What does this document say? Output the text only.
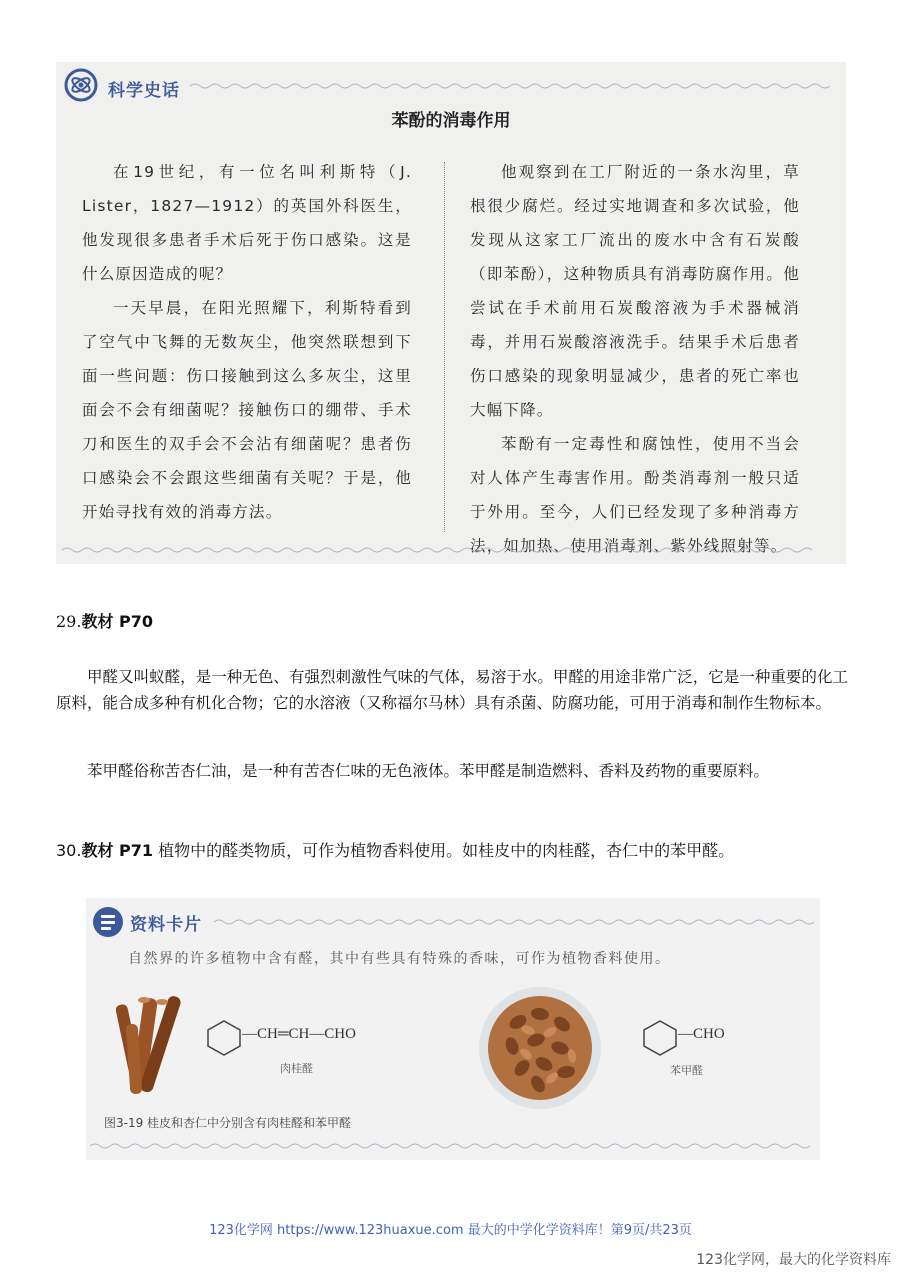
科学史话
苯酚的消毒作用

在19世纪，有一位名叫利斯特（J. Lister，1827—1912）的英国外科医生，他发现很多患者手术后死于伤口感染。这是什么原因造成的呢？

一天早晨，在阳光照耀下，利斯特看到了空气中飞舞的无数灰尘，他突然联想到下面一些问题：伤口接触到这么多灰尘，这里面会不会有细菌呢？接触伤口的绷带、手术刀和医生的双手会不会沾有细菌呢？患者伤口感染会不会跟这些细菌有关呢？于是，他开始寻找有效的消毒方法。

他观察到在工厂附近的一条水沟里，草根很少腐烂。经过实地调查和多次试验，他发现从这家工厂流出的废水中含有石炭酸（即苯酚），这种物质具有消毒防腐作用。他尝试在手术前用石炭酸溶液为手术器械消毒，并用石炭酸溶液洗手。结果手术后患者伤口感染的现象明显减少，患者的死亡率也大幅下降。

苯酚有一定毒性和腐蚀性，使用不当会对人体产生毒害作用。酚类消毒剂一般只适于外用。至今，人们已经发现了多种消毒方法，如加热、使用消毒剂、紫外线照射等。

29.教材 P70

甲醛又叫蚁醛，是一种无色、有强烈刺激性气味的气体，易溶于水。甲醛的用途非常广泛，它是一种重要的化工原料，能合成多种有机化合物；它的水溶液（又称福尔马林）具有杀菌、防腐功能，可用于消毒和制作生物标本。

苯甲醛俗称苦杏仁油，是一种有苦杏仁味的无色液体。苯甲醛是制造燃料、香料及药物的重要原料。

30.教材 P71 植物中的醛类物质，可作为植物香料使用。如桂皮中的肉桂醛，杏仁中的苯甲醛。
资料卡片
自然界的许多植物中含有醛，其中有些具有特殊的香味，可作为植物香料使用。
—CH═CH—CHO
肉桂醛
—CHO
苯甲醛
图3-19 桂皮和杏仁中分别含有肉桂醛和苯甲醛
123化学网 https://www.123huaxue.com 最大的中学化学资料库！第9页/共23页
123化学网，最大的化学资料库
